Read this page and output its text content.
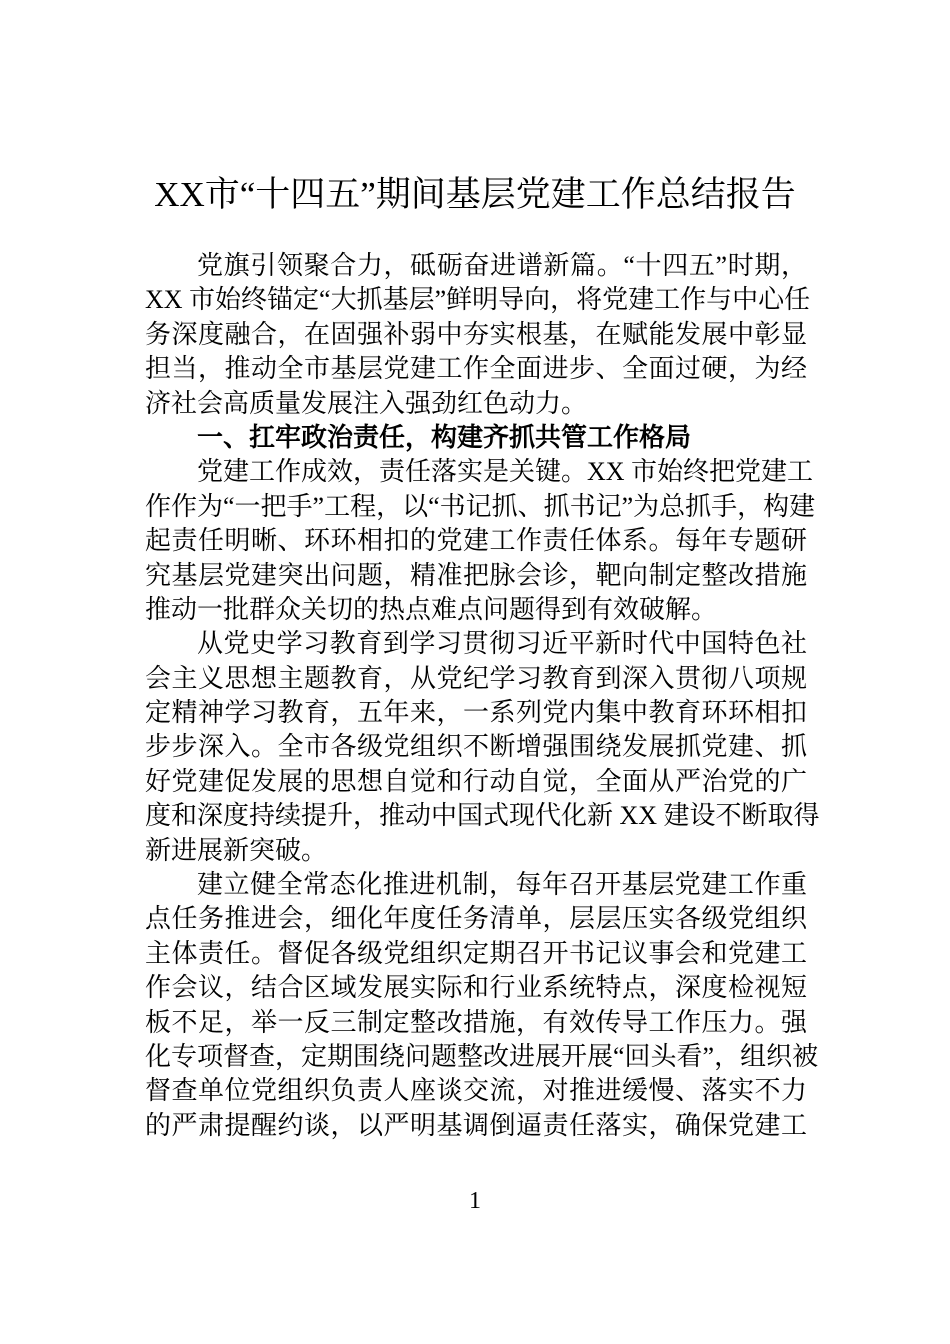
XX市“十四五”期间基层党建工作总结报告
党旗引领聚合力，砥砺奋进谱新篇。“十四五”时期，
XX 市始终锚定“大抓基层”鲜明导向，将党建工作与中心任
务深度融合，在固强补弱中夯实根基，在赋能发展中彰显
担当，推动全市基层党建工作全面进步、全面过硬，为经
济社会高质量发展注入强劲红色动力。
一、扛牢政治责任，构建齐抓共管工作格局
党建工作成效，责任落实是关键。XX 市始终把党建工
作作为“一把手”工程，以“书记抓、抓书记”为总抓手，构建
起责任明晰、环环相扣的党建工作责任体系。每年专题研
究基层党建突出问题，精准把脉会诊，靶向制定整改措施
推动一批群众关切的热点难点问题得到有效破解。
从党史学习教育到学习贯彻习近平新时代中国特色社
会主义思想主题教育，从党纪学习教育到深入贯彻八项规
定精神学习教育，五年来，一系列党内集中教育环环相扣
步步深入。全市各级党组织不断增强围绕发展抓党建、抓
好党建促发展的思想自觉和行动自觉，全面从严治党的广
度和深度持续提升，推动中国式现代化新 XX 建设不断取得
新进展新突破。
建立健全常态化推进机制，每年召开基层党建工作重
点任务推进会，细化年度任务清单，层层压实各级党组织
主体责任。督促各级党组织定期召开书记议事会和党建工
作会议，结合区域发展实际和行业系统特点，深度检视短
板不足，举一反三制定整改措施，有效传导工作压力。强
化专项督查，定期围绕问题整改进展开展“回头看”，组织被
督查单位党组织负责人座谈交流，对推进缓慢、落实不力
的严肃提醒约谈，以严明基调倒逼责任落实，确保党建工
1
